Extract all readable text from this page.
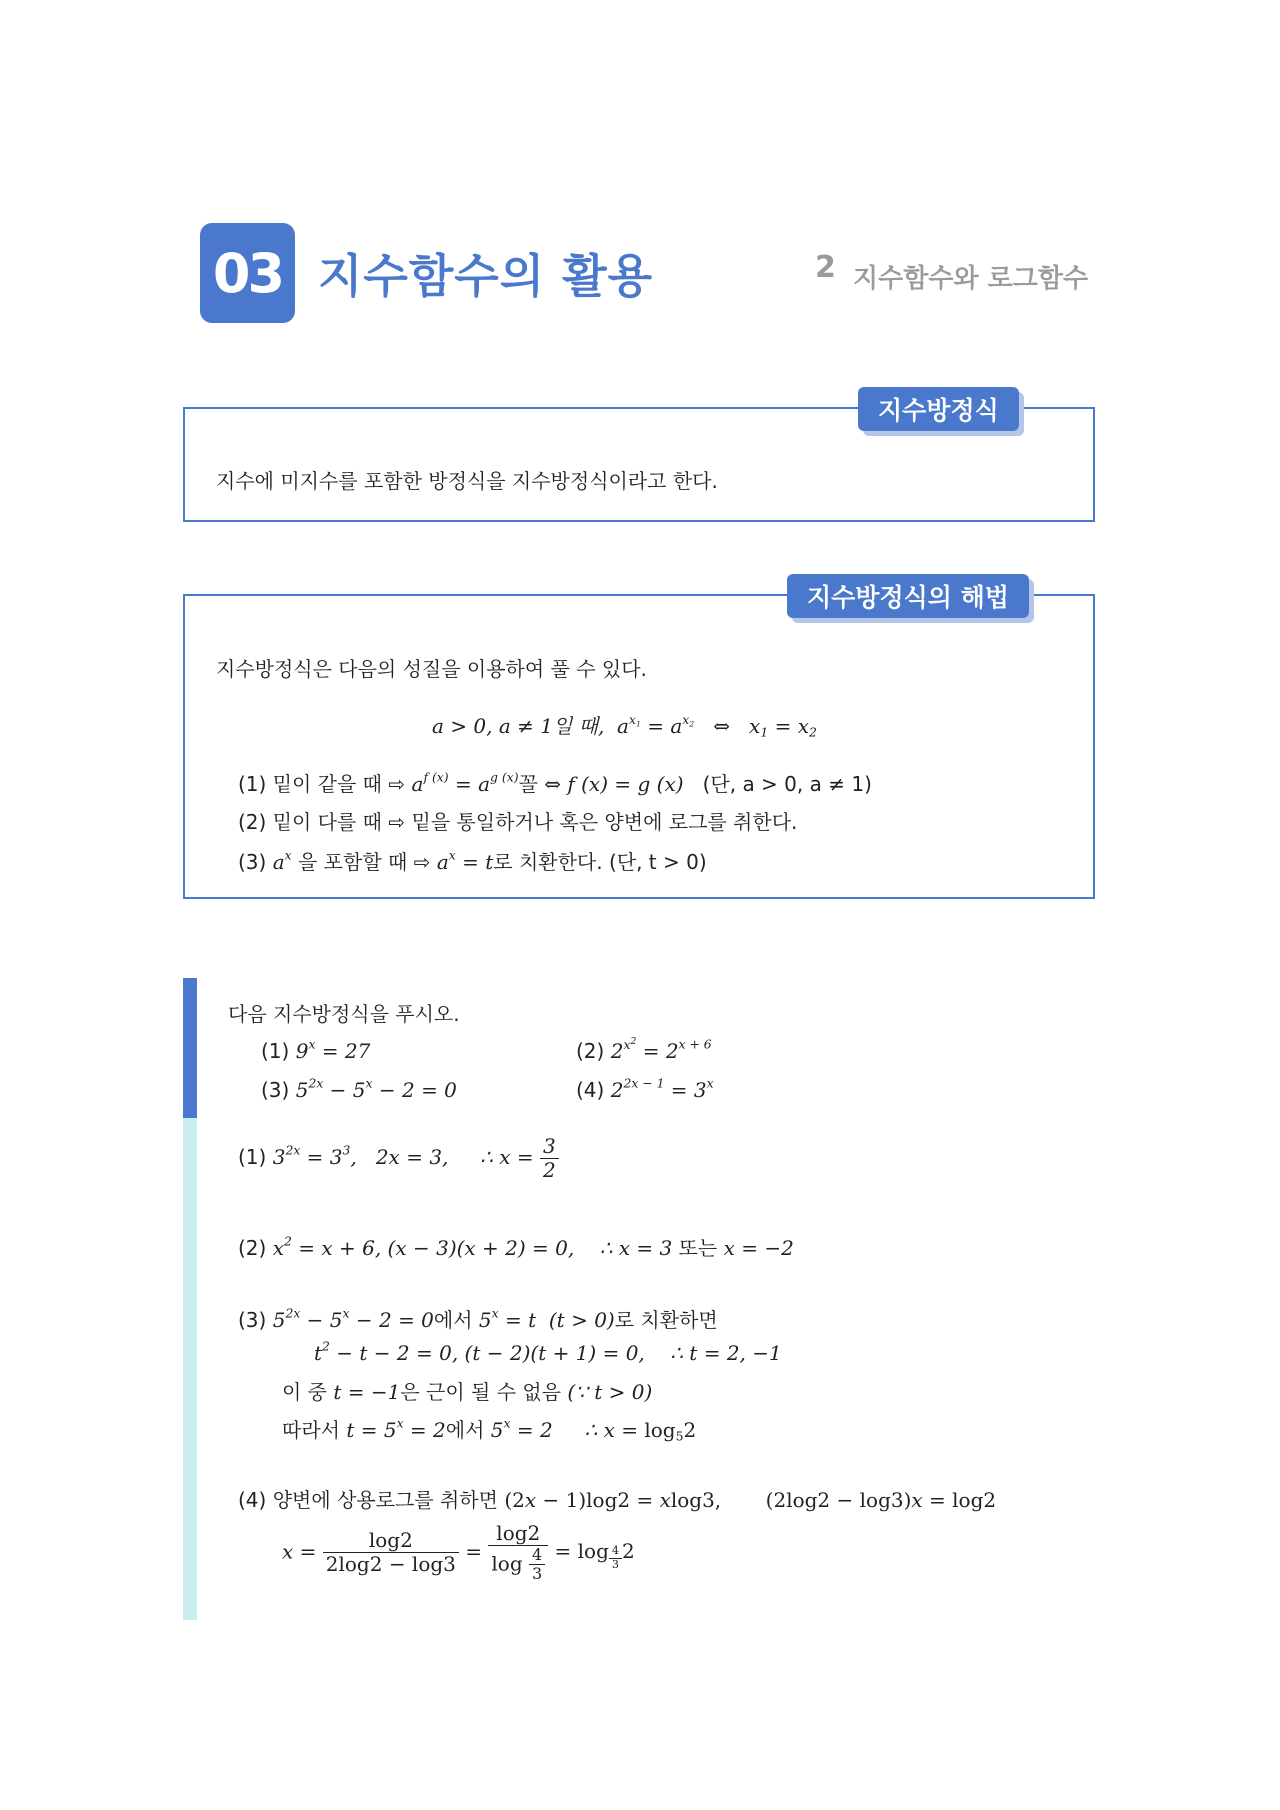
03 지수함수의 활용	2 지수함수와 로그함수
지수방정식
지수에 미지수를 포함한 방정식을 지수방정식이라고 한다.
지수방정식의 해법
지수방정식은 다음의 성질을 이용하여 풀 수 있다.
a > 0, a ≠ 1일 때, $a^{x_1} = a^{x_2}$   ⇔   $x_1 = x_2$
(1) 밑이 같을 때 ⇨ $a^{f (x)} = a^{g (x)}$꼴 ⇔ f (x) = g (x) (단, a > 0, a ≠ 1)
(2) 밑이 다를 때 ⇨ 밑을 통일하거나 혹은 양변에 로그를 취한다.
(3) $a^x$ 을 포함할 때 ⇨ $a^x = t$로 치환한다. (단, t > 0)
다음 지수방정식을 푸시오.
(1) $9^x = 27$	(2) $2^{x^2} = 2^{x + 6}$
(3) $5^{2x} - 5^x - 2 = 0$	(4) $2^{2x - 1} = 3^x$
(1) $3^{2x} = 3^3$,   2x = 3,     ∴ $x = \frac{3}{2}$
(2) $x^2 = x + 6$, (x − 3)(x + 2) = 0,    ∴ x = 3 또는 x = −2
(3) $5^{2x} - 5^x - 2 = 0$에서 $5^x = t$  (t > 0)로 치환하면
$t^2 - t - 2 = 0$, (t − 2)(t + 1) = 0,    ∴ t = 2, −1
이 중 t = −1은 근이 될 수 없음 (∵ t > 0)
따라서 $t = 5^x = 2$에서 $5^x = 2$     ∴ $x = \log_52$
(4) 양변에 상용로그를 취하면 (2x − 1)log2 = xlog3,       (2log2 − log3)x = log2
$x = \frac{\log 2}{2\log 2 - \log 3} = \frac{\log 2}{\log \frac{4}{3}} = \log _{\frac{4}{3}}$ 2
